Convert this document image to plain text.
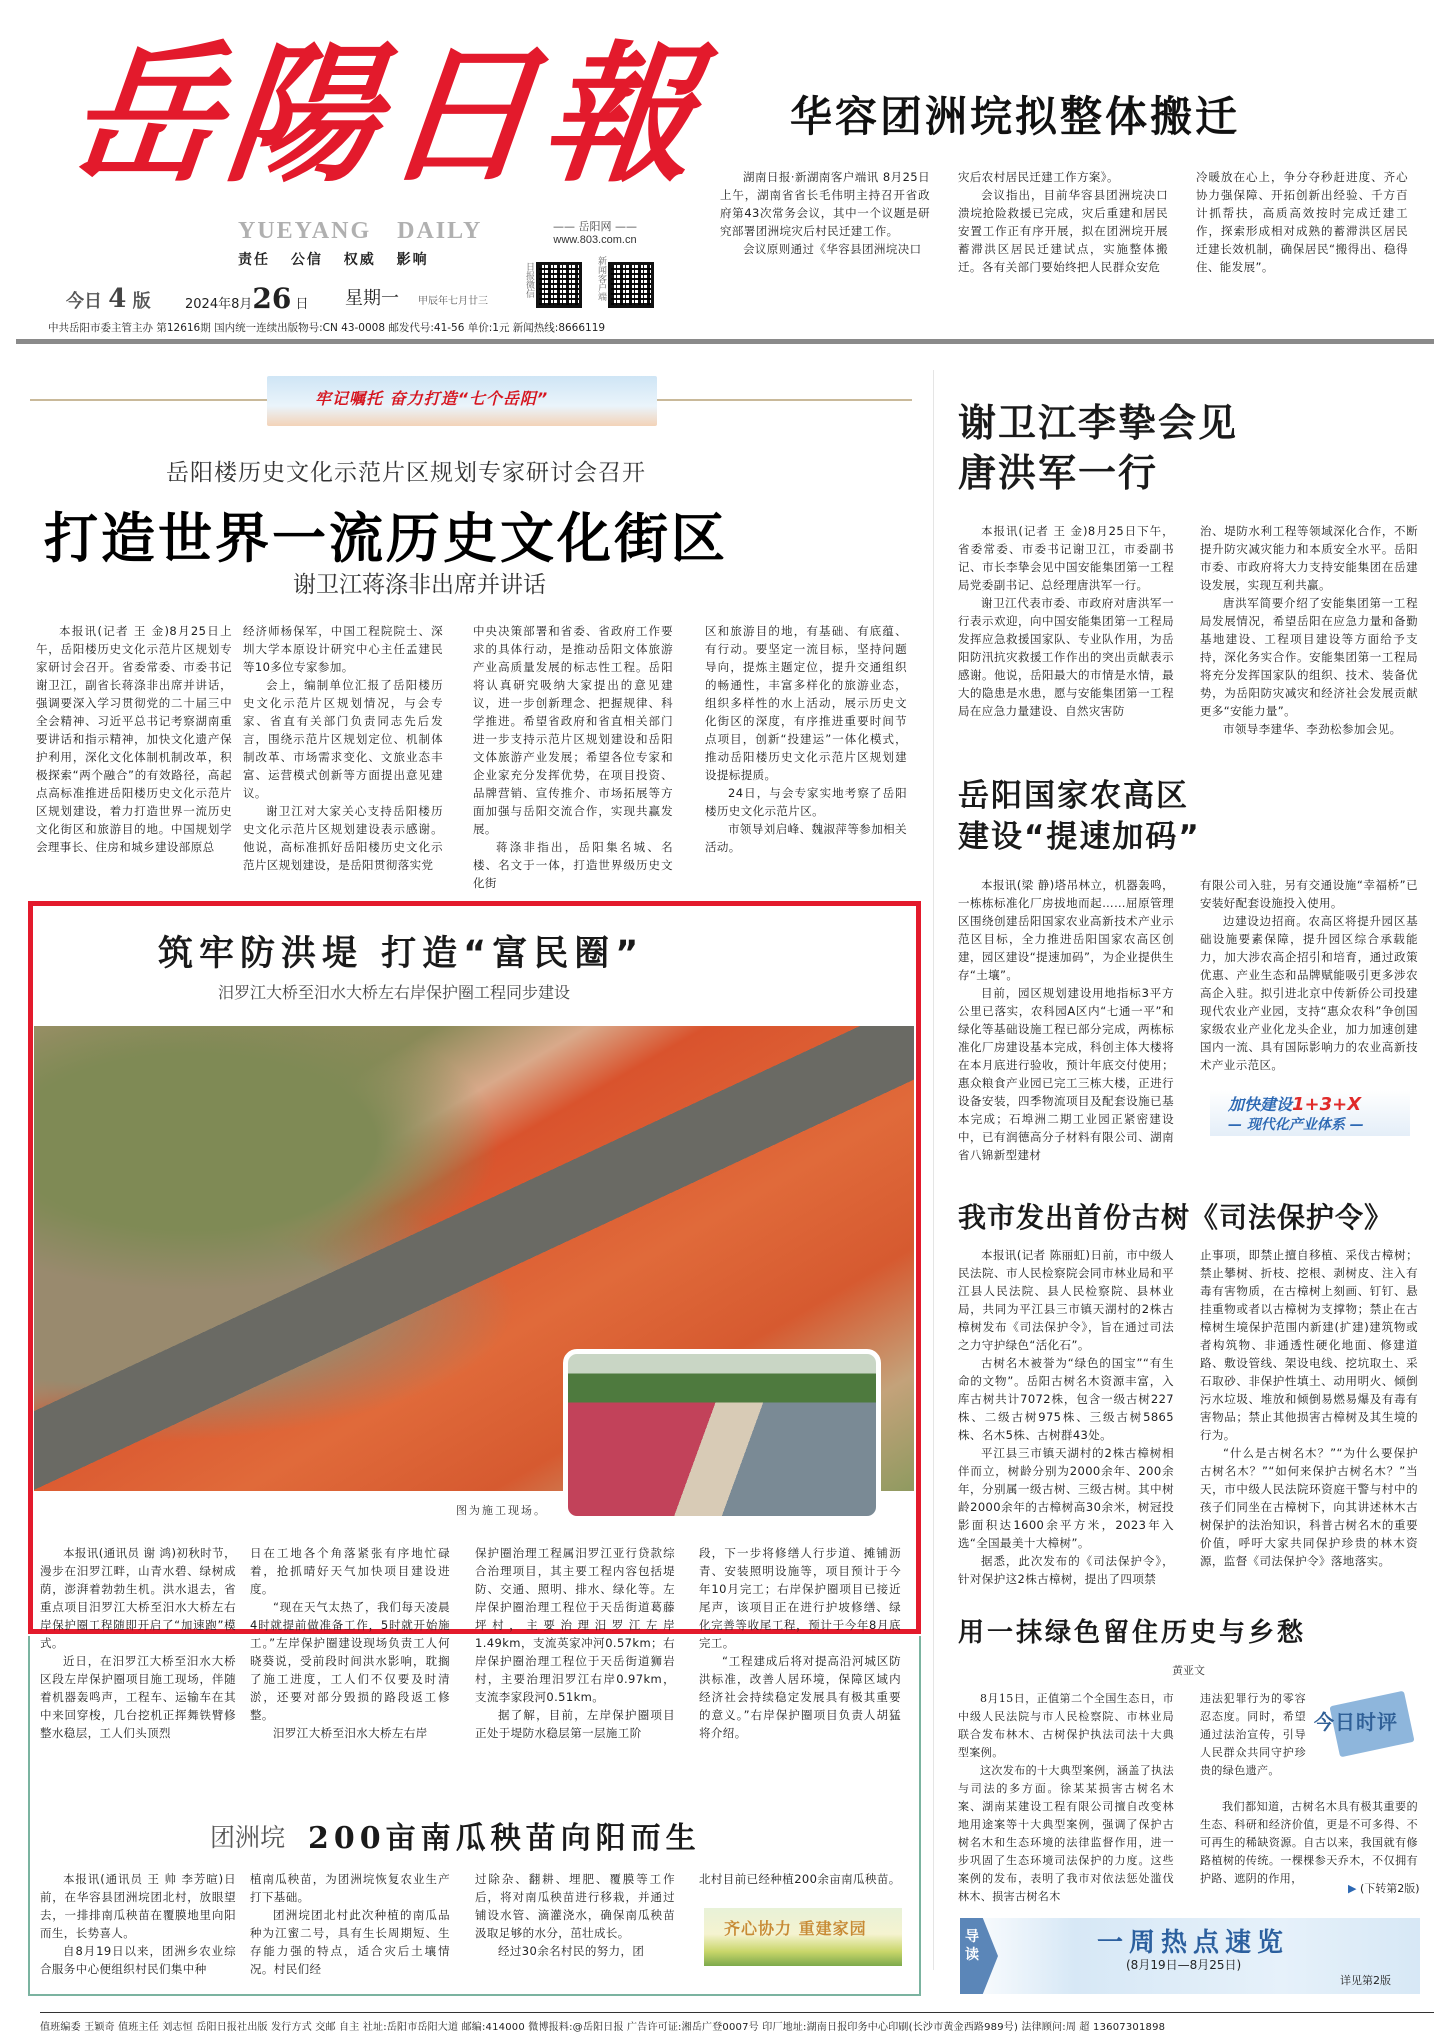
岳陽日報
YUEYANG DAILY
责任 公信 权威 影响
—— 岳阳网 ——
www.803.com.cn
日报微信	新闻客户端
今日 4 版	2024年8月26 日 星期一 甲辰年七月廿三
中共岳阳市委主管主办 第12616期 国内统一连续出版物号:CN 43-0008 邮发代号:41-56 单价:1元 新闻热线:8666119
华容团洲垸拟整体搬迁

湖南日报·新湖南客户端讯 8月25日上午，湖南省省长毛伟明主持召开省政府第43次常务会议，其中一个议题是研究部署团洲垸灾后村民迁建工作。

会议原则通过《华容县团洲垸决口

灾后农村居民迁建工作方案》。

会议指出，目前华容县团洲垸决口溃垸抢险救援已完成，灾后重建和居民安置工作正有序开展，拟在团洲垸开展蓄滞洪区居民迁建试点，实施整体搬迁。各有关部门要始终把人民群众安危

冷暖放在心上，争分夺秒赶进度、齐心协力强保障、开拓创新出经验、千方百计抓帮扶，高质高效按时完成迁建工作，探索形成相对成熟的蓄滞洪区居民迁建长效机制，确保居民“搬得出、稳得住、能发展”。

牢记嘱托 奋力打造“七个岳阳”
岳阳楼历史文化示范片区规划专家研讨会召开
打造世界一流历史文化街区
谢卫江蒋涤非出席并讲话

本报讯(记者 王 金)8月25日上午，岳阳楼历史文化示范片区规划专家研讨会召开。省委常委、市委书记谢卫江，副省长蒋涤非出席并讲话，强调要深入学习贯彻党的二十届三中全会精神、习近平总书记考察湖南重要讲话和指示精神，加快文化遗产保护利用，深化文化体制机制改革，积极探索“两个融合”的有效路径，高起点高标准推进岳阳楼历史文化示范片区规划建设，着力打造世界一流历史文化街区和旅游目的地。中国规划学会理事长、住房和城乡建设部原总

经济师杨保军，中国工程院院士、深圳大学本原设计研究中心主任孟建民等10多位专家参加。

会上，编制单位汇报了岳阳楼历史文化示范片区规划情况，与会专家、省直有关部门负责同志先后发言，围绕示范片区规划定位、机制体制改革、市场需求变化、文旅业态丰富、运营模式创新等方面提出意见建议。

谢卫江对大家关心支持岳阳楼历史文化示范片区规划建设表示感谢。他说，高标准抓好岳阳楼历史文化示范片区规划建设，是岳阳贯彻落实党

中央决策部署和省委、省政府工作要求的具体行动，是推动岳阳文体旅游产业高质量发展的标志性工程。岳阳将认真研究吸纳大家提出的意见建议，进一步创新理念、把握规律、科学推进。希望省政府和省直相关部门进一步支持示范片区规划建设和岳阳文体旅游产业发展；希望各位专家和企业家充分发挥优势，在项目投资、品牌营销、宣传推介、市场拓展等方面加强与岳阳交流合作，实现共赢发展。

蒋涤非指出，岳阳集名城、名楼、名文于一体，打造世界级历史文化街

区和旅游目的地，有基础、有底蕴、有行动。要坚定一流目标，坚持问题导向，提炼主题定位，提升交通组织的畅通性，丰富多样化的旅游业态，组织多样性的水上活动，展示历史文化街区的深度，有序推进重要时间节点项目，创新“投建运”一体化模式，推动岳阳楼历史文化示范片区规划建设提标提质。

24日，与会专家实地考察了岳阳楼历史文化示范片区。

市领导刘启峰、魏淑萍等参加相关活动。

筑牢防洪堤 打造“富民圈”
汨罗江大桥至汨水大桥左右岸保护圈工程同步建设
图为施工现场。

本报讯(通讯员 谢 鸿)初秋时节，漫步在汨罗江畔，山青水碧、绿树成荫，澎湃着勃勃生机。洪水退去，省重点项目汨罗江大桥至汨水大桥左右岸保护圈工程随即开启了“加速跑”模式。

近日，在汨罗江大桥至汨水大桥区段左岸保护圈项目施工现场，伴随着机器轰鸣声，工程车、运输车在其中来回穿梭，几台挖机正挥舞铁臂修整水稳层，工人们头顶烈

日在工地各个角落紧张有序地忙碌着，抢抓晴好天气加快项目建设进度。

“现在天气太热了，我们每天凌晨4时就提前做准备工作，5时就开始施工。”左岸保护圈建设现场负责工人何晓葵说，受前段时间洪水影响，耽搁了施工进度，工人们不仅要及时清淤，还要对部分毁损的路段返工修整。

汨罗江大桥至汨水大桥左右岸

保护圈治理工程属汨罗江亚行贷款综合治理项目，其主要工程内容包括堤防、交通、照明、排水、绿化等。左岸保护圈治理工程位于天岳街道葛藤坪村，主要治理汨罗江左岸1.49km，支流英家冲河0.57km；右岸保护圈治理工程位于天岳街道狮岩村，主要治理汨罗江右岸0.97km，支流李家段河0.51km。

据了解，目前，左岸保护圈项目正处于堤防水稳层第一层施工阶

段，下一步将修缮人行步道、摊铺沥青、安装照明设施等，项目预计于今年10月完工；右岸保护圈项目已接近尾声，该项目正在进行护坡修缮、绿化完善等收尾工程，预计于今年8月底完工。

“工程建成后将对提高沿河城区防洪标准，改善人居环境，保障区域内经济社会持续稳定发展具有极其重要的意义。”右岸保护圈项目负责人胡猛将介绍。

团洲垸 200亩南瓜秧苗向阳而生

本报讯(通讯员 王 帅 李芳暄)日前，在华容县团洲垸团北村，放眼望去，一排排南瓜秧苗在覆膜地里向阳而生，长势喜人。

自8月19日以来，团洲乡农业综合服务中心便组织村民们集中种

植南瓜秧苗，为团洲垸恢复农业生产打下基础。

团洲垸团北村此次种植的南瓜品种为江蜜二号，具有生长周期短、生存能力强的特点，适合灾后土壤情况。村民们经

过除杂、翻耕、埋肥、覆膜等工作后，将对南瓜秧苗进行移栽，并通过铺设水管、滴灌浇水，确保南瓜秧苗汲取足够的水分，茁壮成长。

经过30余名村民的努力，团

北村目前已经种植200余亩南瓜秧苗。

齐心协力 重建家园
谢卫江李挚会见
唐洪军一行

本报讯(记者 王 金)8月25日下午，省委常委、市委书记谢卫江，市委副书记、市长李挚会见中国安能集团第一工程局党委副书记、总经理唐洪军一行。

谢卫江代表市委、市政府对唐洪军一行表示欢迎，向中国安能集团第一工程局发挥应急救援国家队、专业队作用，为岳阳防汛抗灾救援工作作出的突出贡献表示感谢。他说，岳阳最大的市情是水情，最大的隐患是水患，愿与安能集团第一工程局在应急力量建设、自然灾害防

治、堤防水利工程等领域深化合作，不断提升防灾减灾能力和本质安全水平。岳阳市委、市政府将大力支持安能集团在岳建设发展，实现互利共赢。

唐洪军简要介绍了安能集团第一工程局发展情况，希望岳阳在应急力量和备勤基地建设、工程项目建设等方面给予支持，深化务实合作。安能集团第一工程局将充分发挥国家队的组织、技术、装备优势，为岳阳防灾减灾和经济社会发展贡献更多“安能力量”。

市领导李建华、李劲松参加会见。

岳阳国家农高区
建设“提速加码”

本报讯(梁 静)塔吊林立，机器轰鸣，一栋栋标准化厂房拔地而起……屈原管理区围绕创建岳阳国家农业高新技术产业示范区目标，全力推进岳阳国家农高区创建，园区建设“提速加码”，为企业提供生存“土壤”。

目前，园区规划建设用地指标3平方公里已落实，农科园A区内“七通一平”和绿化等基础设施工程已部分完成，两栋标准化厂房建设基本完成，科创主体大楼将在本月底进行验收，预计年底交付使用；惠众粮食产业园已完工三栋大楼，正进行设备安装，四季物流项目及配套设施已基本完成；石埠洲二期工业园正紧密建设中，已有润德高分子材料有限公司、湖南省八锦新型建材

有限公司入驻，另有交通设施“幸福桥”已安装好配套设施投入使用。

边建设边招商。农高区将提升园区基础设施要素保障，提升园区综合承载能力，加大涉农高企招引和培育，通过政策优惠、产业生态和品牌赋能吸引更多涉农高企入驻。拟引进北京中传新侨公司投建现代农业产业园，支持“惠众农科”争创国家级农业产业化龙头企业，加力加速创建国内一流、具有国际影响力的农业高新技术产业示范区。

加快建设1+3+X
— 现代化产业体系 —
我市发出首份古树《司法保护令》

本报讯(记者 陈丽虹)日前，市中级人民法院、市人民检察院会同市林业局和平江县人民法院、县人民检察院、县林业局，共同为平江县三市镇天湖村的2株古樟树发布《司法保护令》，旨在通过司法之力守护绿色“活化石”。

古树名木被誉为“绿色的国宝”“有生命的文物”。岳阳古树名木资源丰富，入库古树共计7072株，包含一级古树227株、二级古树975株、三级古树5865株、名木5株、古树群43处。

平江县三市镇天湖村的2株古樟树相伴而立，树龄分别为2000余年、200余年，分别属一级古树、三级古树。其中树龄2000余年的古樟树高30余米，树冠投影面积达1600余平方米，2023年入选“全国最美十大樟树”。

据悉，此次发布的《司法保护令》，针对保护这2株古樟树，提出了四项禁

止事项，即禁止擅自移植、采伐古樟树；禁止攀树、折枝、挖根、剥树皮、注入有毒有害物质，在古樟树上刻画、钉钉、悬挂重物或者以古樟树为支撑物；禁止在古樟树生境保护范围内新建(扩建)建筑物或者构筑物、非通透性硬化地面、修建道路、敷设管线、架设电线、挖坑取土、采石取砂、非保护性填土、动用明火、倾倒污水垃圾、堆放和倾倒易燃易爆及有毒有害物品；禁止其他损害古樟树及其生境的行为。

“什么是古树名木？”“为什么要保护古树名木？”“如何来保护古树名木？”当天，市中级人民法院环资庭干警与村中的孩子们同坐在古樟树下，向其讲述林木古树保护的法治知识，科普古树名木的重要价值，呼吁大家共同保护珍贵的林木资源，监督《司法保护令》落地落实。

用一抹绿色留住历史与乡愁
黄亚文

8月15日，正值第二个全国生态日，市中级人民法院与市人民检察院、市林业局联合发布林木、古树保护执法司法十大典型案例。

这次发布的十大典型案例，涵盖了执法与司法的多方面。徐某某损害古树名木案、湖南某建设工程有限公司擅自改变林地用途案等十大典型案例，强调了保护古树名木和生态环境的法律监督作用，进一步巩固了生态环境司法保护的力度。这些案例的发布，表明了我市对依法惩处滥伐林木、损害古树名木

违法犯罪行为的零容忍态度。同时，希望通过法治宣传，引导人民群众共同守护珍贵的绿色遗产。

我们都知道，古树名木具有极其重要的生态、科研和经济价值，更是不可多得、不可再生的稀缺资源。自古以来，我国就有修路植树的传统。一棵棵参天乔木，不仅拥有护路、遮阴的作用，

今日时评
▶ (下转第2版)
导读	一周热点速览
(8月19日—8月25日)
详见第2版
值班编委 王颖奇 值班主任 刘志恒 岳阳日报社出版 发行方式 交邮 自主 社址:岳阳市岳阳大道 邮编:414000 微博报料:@岳阳日报 广告许可证:湘岳广登0007号 印厂地址:湖南日报印务中心印刷(长沙市黄金西路989号) 法律顾问:周 超 13607301898
